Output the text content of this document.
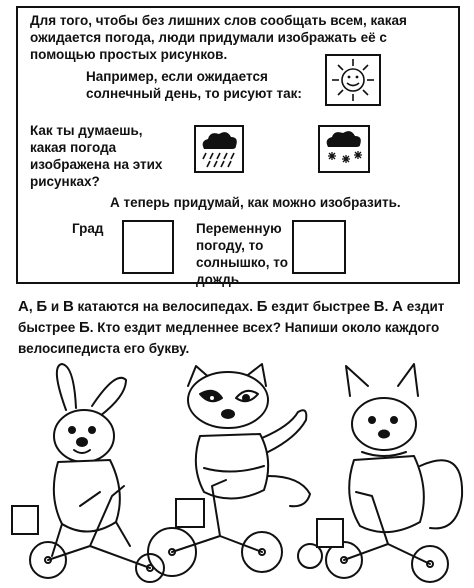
Для того, чтобы без лишних слов сообщать всем, какая ожидается погода, люди придумали изображать её с помощью простых рисунков.
Например, если ожидается солнечный день, то рисуют так:
Как ты думаешь, какая погода изображена на этих рисунках?
А теперь придумай, как можно изобразить.
Град	Переменную погоду, то солнышко, то дождь
А, Б и В катаются на велосипедах. Б ездит быстрее В. А ездит быстрее Б. Кто ездит медленнее всех? Напиши около каждого велосипедиста его букву.
